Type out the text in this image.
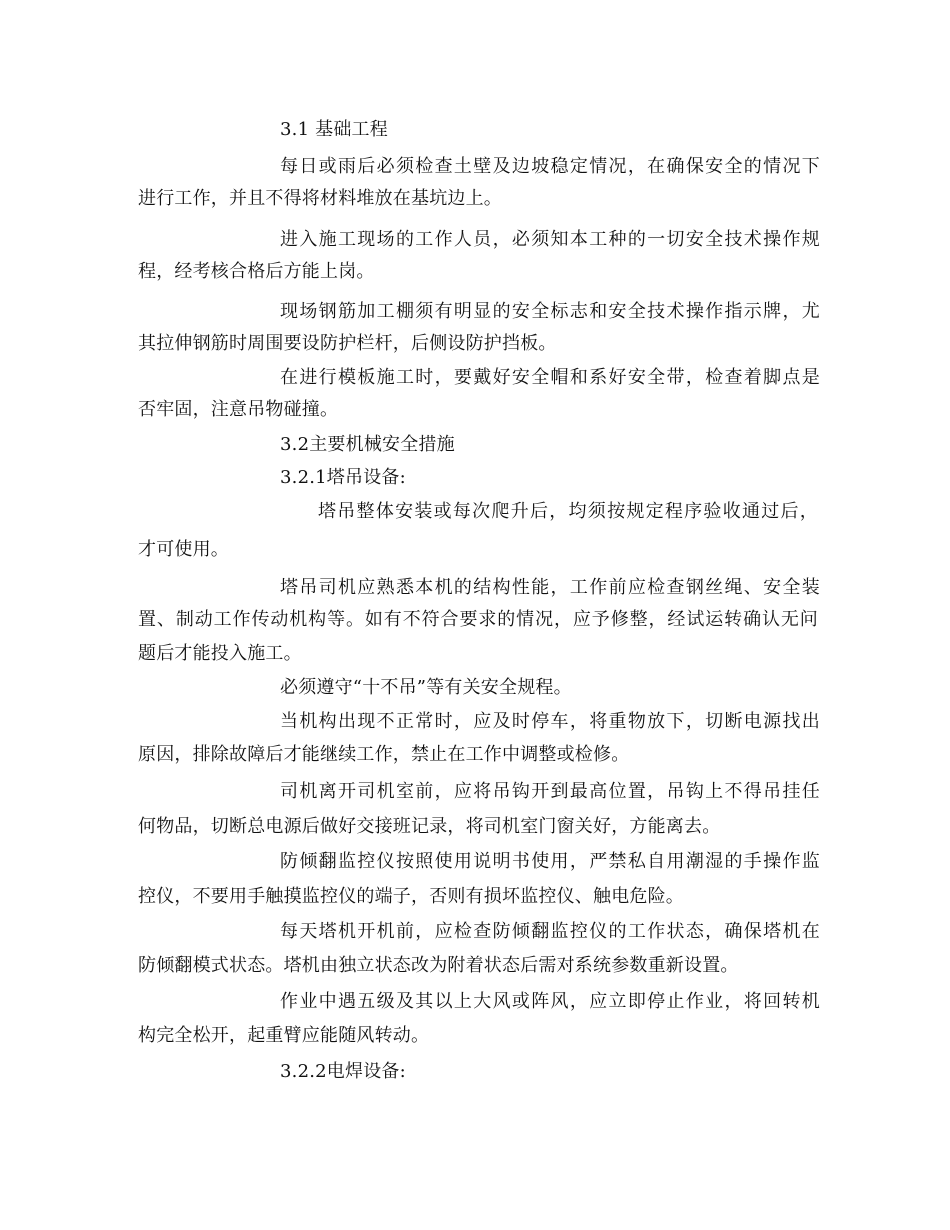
3.1 基础工程
每日或雨后必须检查土壁及边坡稳定情况，在确保安全的情况下
进行工作，并且不得将材料堆放在基坑边上。
进入施工现场的工作人员，必须知本工种的一切安全技术操作规
程，经考核合格后方能上岗。
现场钢筋加工棚须有明显的安全标志和安全技术操作指示牌，尤
其拉伸钢筋时周围要设防护栏杆，后侧设防护挡板。
在进行模板施工时，要戴好安全帽和系好安全带，检查着脚点是
否牢固，注意吊物碰撞。
3.2主要机械安全措施
3.2.1塔吊设备:
塔吊整体安装或每次爬升后，均须按规定程序验收通过后，
才可使用。
塔吊司机应熟悉本机的结构性能，工作前应检查钢丝绳、安全装
置、制动工作传动机构等。如有不符合要求的情况，应予修整，经试运转确认无问
题后才能投入施工。
必须遵守“十不吊”等有关安全规程。
当机构出现不正常时，应及时停车，将重物放下，切断电源找出
原因，排除故障后才能继续工作，禁止在工作中调整或检修。
司机离开司机室前，应将吊钩开到最高位置，吊钩上不得吊挂任
何物品，切断总电源后做好交接班记录，将司机室门窗关好，方能离去。
防倾翻监控仪按照使用说明书使用，严禁私自用潮湿的手操作监
控仪，不要用手触摸监控仪的端子，否则有损坏监控仪、触电危险。
每天塔机开机前，应检查防倾翻监控仪的工作状态，确保塔机在
防倾翻模式状态。塔机由独立状态改为附着状态后需对系统参数重新设置。
作业中遇五级及其以上大风或阵风，应立即停止作业，将回转机
构完全松开，起重臂应能随风转动。
3.2.2电焊设备:
